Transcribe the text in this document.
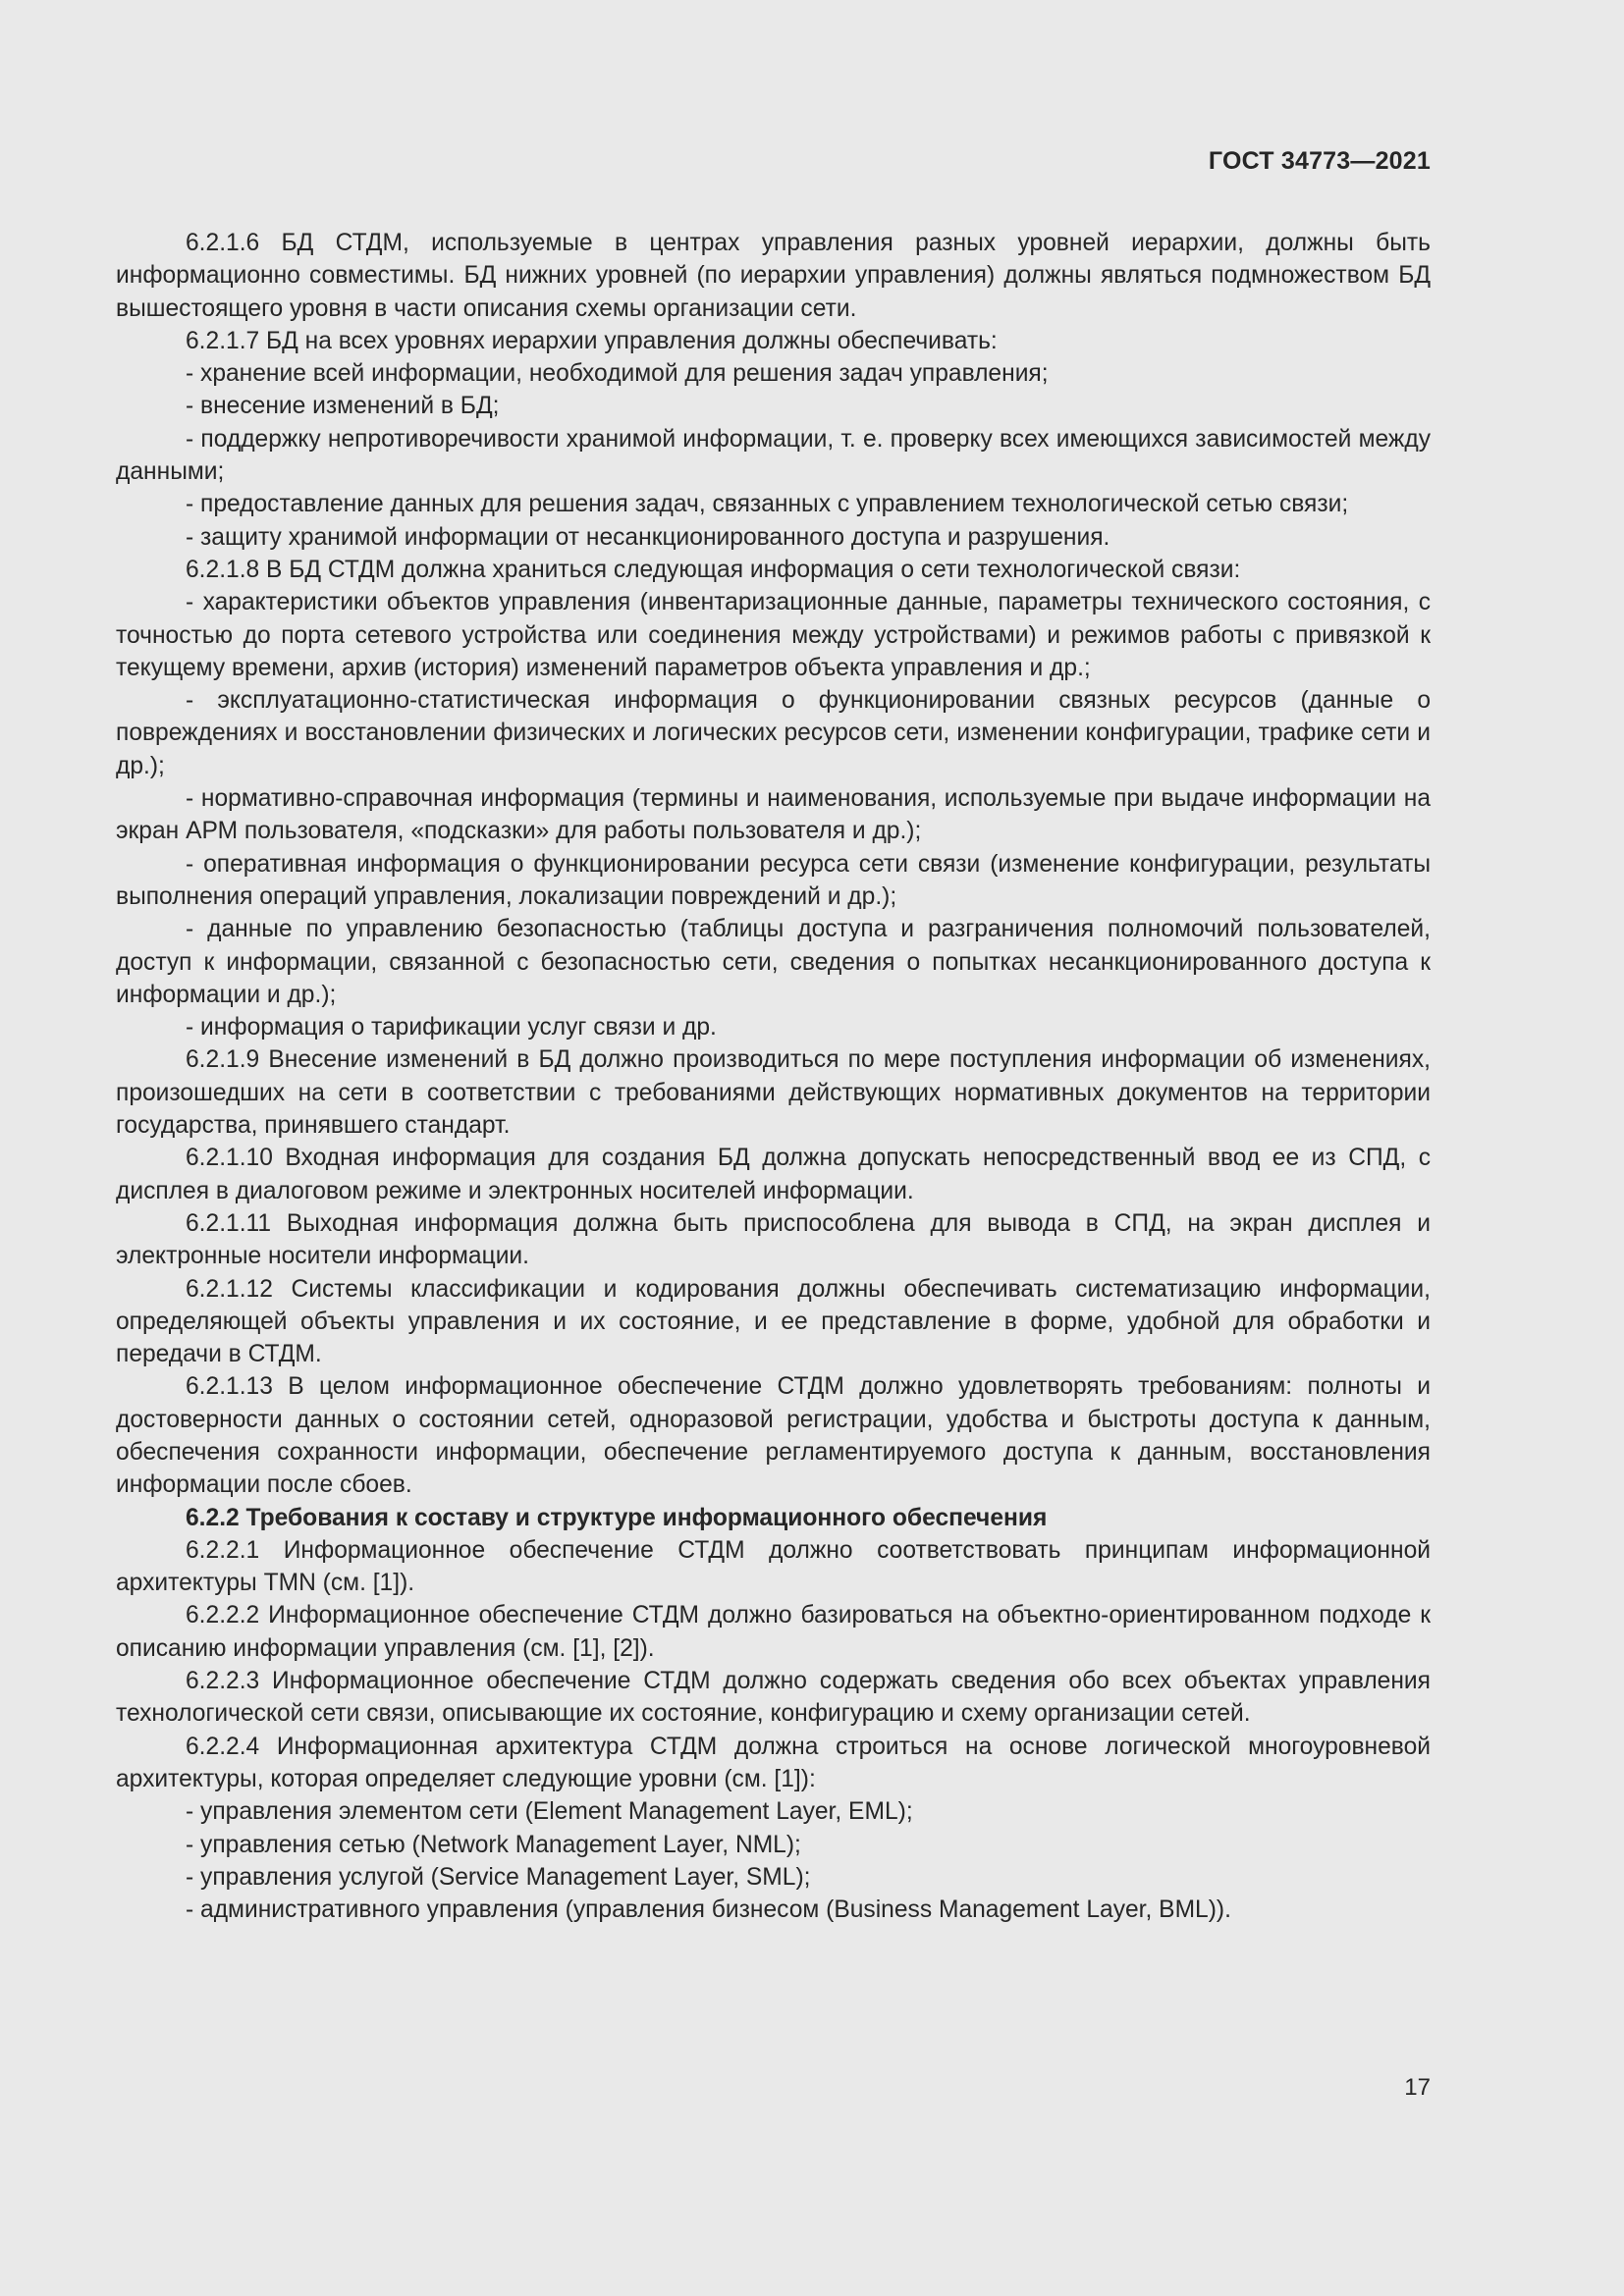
ГОСТ 34773—2021

6.2.1.6 БД СТДМ, используемые в центрах управления разных уровней иерархии, должны быть информационно совместимы. БД нижних уровней (по иерархии управления) должны являться подмножеством БД вышестоящего уровня в части описания схемы организации сети.

6.2.1.7 БД на всех уровнях иерархии управления должны обеспечивать:

- хранение всей информации, необходимой для решения задач управления;

- внесение изменений в БД;

- поддержку непротиворечивости хранимой информации, т. е. проверку всех имеющихся зависимостей между данными;

- предоставление данных для решения задач, связанных с управлением технологической сетью связи;

- защиту хранимой информации от несанкционированного доступа и разрушения.

6.2.1.8 В БД СТДМ должна храниться следующая информация о сети технологической связи:

- характеристики объектов управления (инвентаризационные данные, параметры технического состояния, с точностью до порта сетевого устройства или соединения между устройствами) и режимов работы с привязкой к текущему времени, архив (история) изменений параметров объекта управления и др.;

- эксплуатационно-статистическая информация о функционировании связных ресурсов (данные о повреждениях и восстановлении физических и логических ресурсов сети, изменении конфигурации, трафике сети и др.);

- нормативно-справочная информация (термины и наименования, используемые при выдаче информации на экран АРМ пользователя, «подсказки» для работы пользователя и др.);

- оперативная информация о функционировании ресурса сети связи (изменение конфигурации, результаты выполнения операций управления, локализации повреждений и др.);

- данные по управлению безопасностью (таблицы доступа и разграничения полномочий пользователей, доступ к информации, связанной с безопасностью сети, сведения о попытках несанкционированного доступа к информации и др.);

- информация о тарификации услуг связи и др.

6.2.1.9 Внесение изменений в БД должно производиться по мере поступления информации об изменениях, произошедших на сети в соответствии с требованиями действующих нормативных документов на территории государства, принявшего стандарт.

6.2.1.10 Входная информация для создания БД должна допускать непосредственный ввод ее из СПД, с дисплея в диалоговом режиме и электронных носителей информации.

6.2.1.11 Выходная информация должна быть приспособлена для вывода в СПД, на экран дисплея и электронные носители информации.

6.2.1.12 Системы классификации и кодирования должны обеспечивать систематизацию информации, определяющей объекты управления и их состояние, и ее представление в форме, удобной для обработки и передачи в СТДМ.

6.2.1.13 В целом информационное обеспечение СТДМ должно удовлетворять требованиям: полноты и достоверности данных о состоянии сетей, одноразовой регистрации, удобства и быстроты доступа к данным, обеспечения сохранности информации, обеспечение регламентируемого доступа к данным, восстановления информации после сбоев.

6.2.2 Требования к составу и структуре информационного обеспечения

6.2.2.1 Информационное обеспечение СТДМ должно соответствовать принципам информационной архитектуры TMN (см. [1]).

6.2.2.2 Информационное обеспечение СТДМ должно базироваться на объектно-ориентированном подходе к описанию информации управления (см. [1], [2]).

6.2.2.3 Информационное обеспечение СТДМ должно содержать сведения обо всех объектах управления технологической сети связи, описывающие их состояние, конфигурацию и схему организации сетей.

6.2.2.4 Информационная архитектура СТДМ должна строиться на основе логической многоуровневой архитектуры, которая определяет следующие уровни (см. [1]):

- управления элементом сети (Element Management Layer, EML);

- управления сетью (Network Management Layer, NML);

- управления услугой (Service Management Layer, SML);

- административного управления (управления бизнесом (Business Management Layer, BML)).

17
